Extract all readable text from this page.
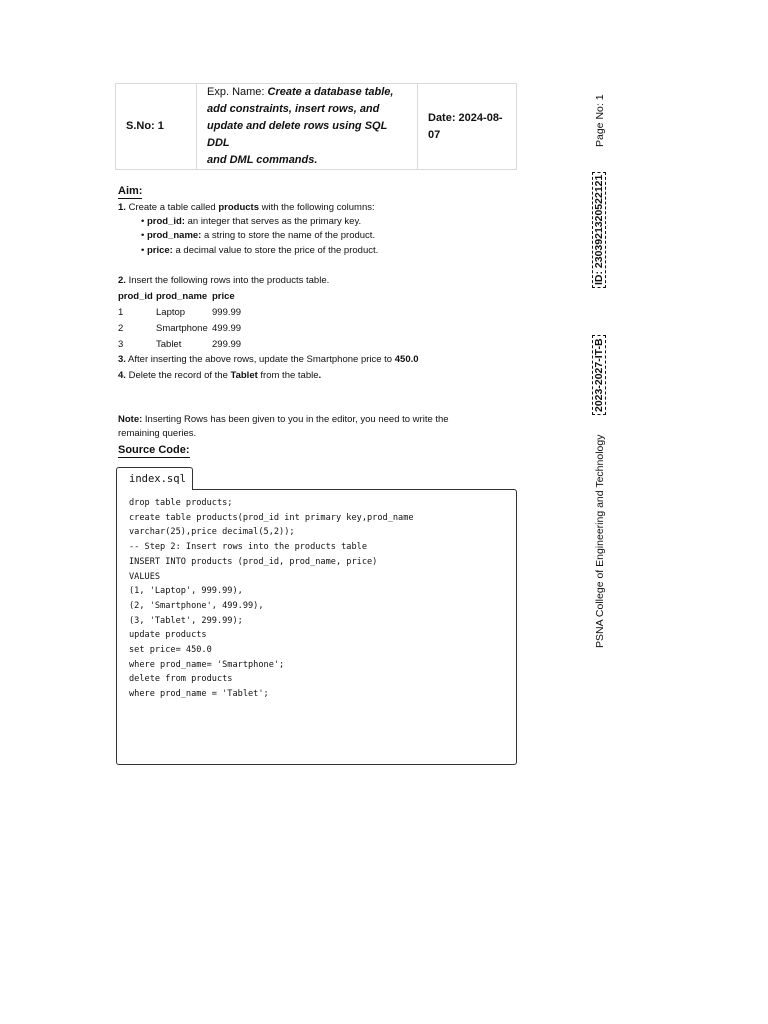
S.No: 1	Exp. Name: Create a database table,
add constraints, insert rows, and
update and delete rows using SQL DDL
and DML commands.	Date: 2024-08-
07
Aim:
1. Create a table called products with the following columns:
• prod_id: an integer that serves as the primary key.
• prod_name: a string to store the name of the product.
• price: a decimal value to store the price of the product.
2. Insert the following rows into the products table.
prod_id	prod_name	price
1	Laptop	999.99
2	Smartphone	499.99
3	Tablet	299.99
3. After inserting the above rows, update the Smartphone price to 450.0
4. Delete the record of the Tablet from the table.
Note: Inserting Rows has been given to you in the editor, you need to write the
remaining queries.
Source Code:
index.sql
drop table products;
create table products(prod_id int primary key,prod_name
varchar(25),price decimal(5,2));
-- Step 2: Insert rows into the products table
INSERT INTO products (prod_id, prod_name, price)
VALUES
(1, 'Laptop', 999.99),
(2, 'Smartphone', 499.99),
(3, 'Tablet', 299.99);
update products
set price= 450.0
where prod_name= 'Smartphone';
delete from products
where prod_name = 'Tablet';
Page No: 1
ID: 2303921320522121
2023-2027-IT-B
PSNA College of Engineering and Technology
